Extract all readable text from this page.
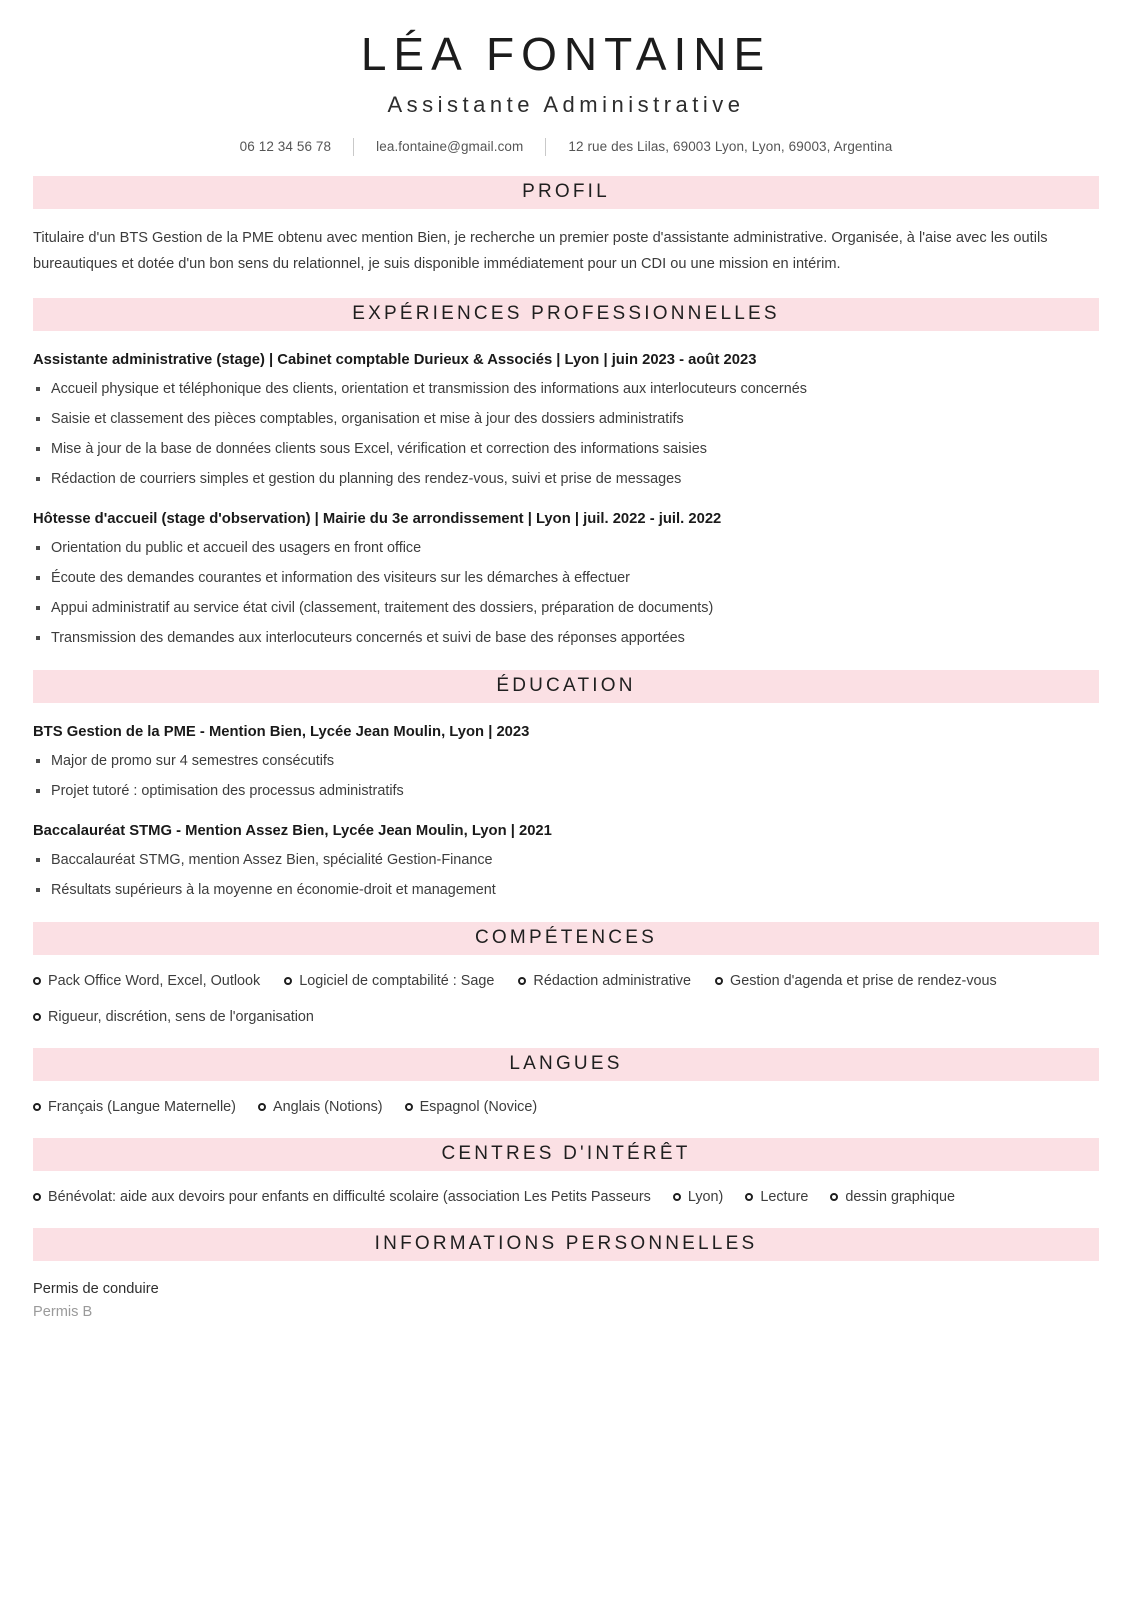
LÉA FONTAINE
Assistante Administrative
06 12 34 56 78	lea.fontaine@gmail.com	12 rue des Lilas, 69003 Lyon, Lyon, 69003, Argentina
PROFIL
Titulaire d'un BTS Gestion de la PME obtenu avec mention Bien, je recherche un premier poste d'assistante administrative. Organisée, à l'aise avec les outils bureautiques et dotée d'un bon sens du relationnel, je suis disponible immédiatement pour un CDI ou une mission en intérim.
EXPÉRIENCES PROFESSIONNELLES
Assistante administrative (stage) | Cabinet comptable Durieux & Associés | Lyon | juin 2023 - août 2023
Accueil physique et téléphonique des clients, orientation et transmission des informations aux interlocuteurs concernés
Saisie et classement des pièces comptables, organisation et mise à jour des dossiers administratifs
Mise à jour de la base de données clients sous Excel, vérification et correction des informations saisies
Rédaction de courriers simples et gestion du planning des rendez-vous, suivi et prise de messages
Hôtesse d'accueil (stage d'observation) | Mairie du 3e arrondissement | Lyon | juil. 2022 - juil. 2022
Orientation du public et accueil des usagers en front office
Écoute des demandes courantes et information des visiteurs sur les démarches à effectuer
Appui administratif au service état civil (classement, traitement des dossiers, préparation de documents)
Transmission des demandes aux interlocuteurs concernés et suivi de base des réponses apportées
ÉDUCATION
BTS Gestion de la PME - Mention Bien, Lycée Jean Moulin, Lyon | 2023
Major de promo sur 4 semestres consécutifs
Projet tutoré : optimisation des processus administratifs
Baccalauréat STMG - Mention Assez Bien, Lycée Jean Moulin, Lyon | 2021
Baccalauréat STMG, mention Assez Bien, spécialité Gestion-Finance
Résultats supérieurs à la moyenne en économie-droit et management
COMPÉTENCES
Pack Office Word, Excel, Outlook	Logiciel de comptabilité : Sage	Rédaction administrative	Gestion d'agenda et prise de rendez-vous
Rigueur, discrétion, sens de l'organisation
LANGUES
Français (Langue Maternelle)	Anglais (Notions)	Espagnol (Novice)
CENTRES D'INTÉRÊT
Bénévolat: aide aux devoirs pour enfants en difficulté scolaire (association Les Petits Passeurs	Lyon)	Lecture	dessin graphique
INFORMATIONS PERSONNELLES
Permis de conduire
Permis B
